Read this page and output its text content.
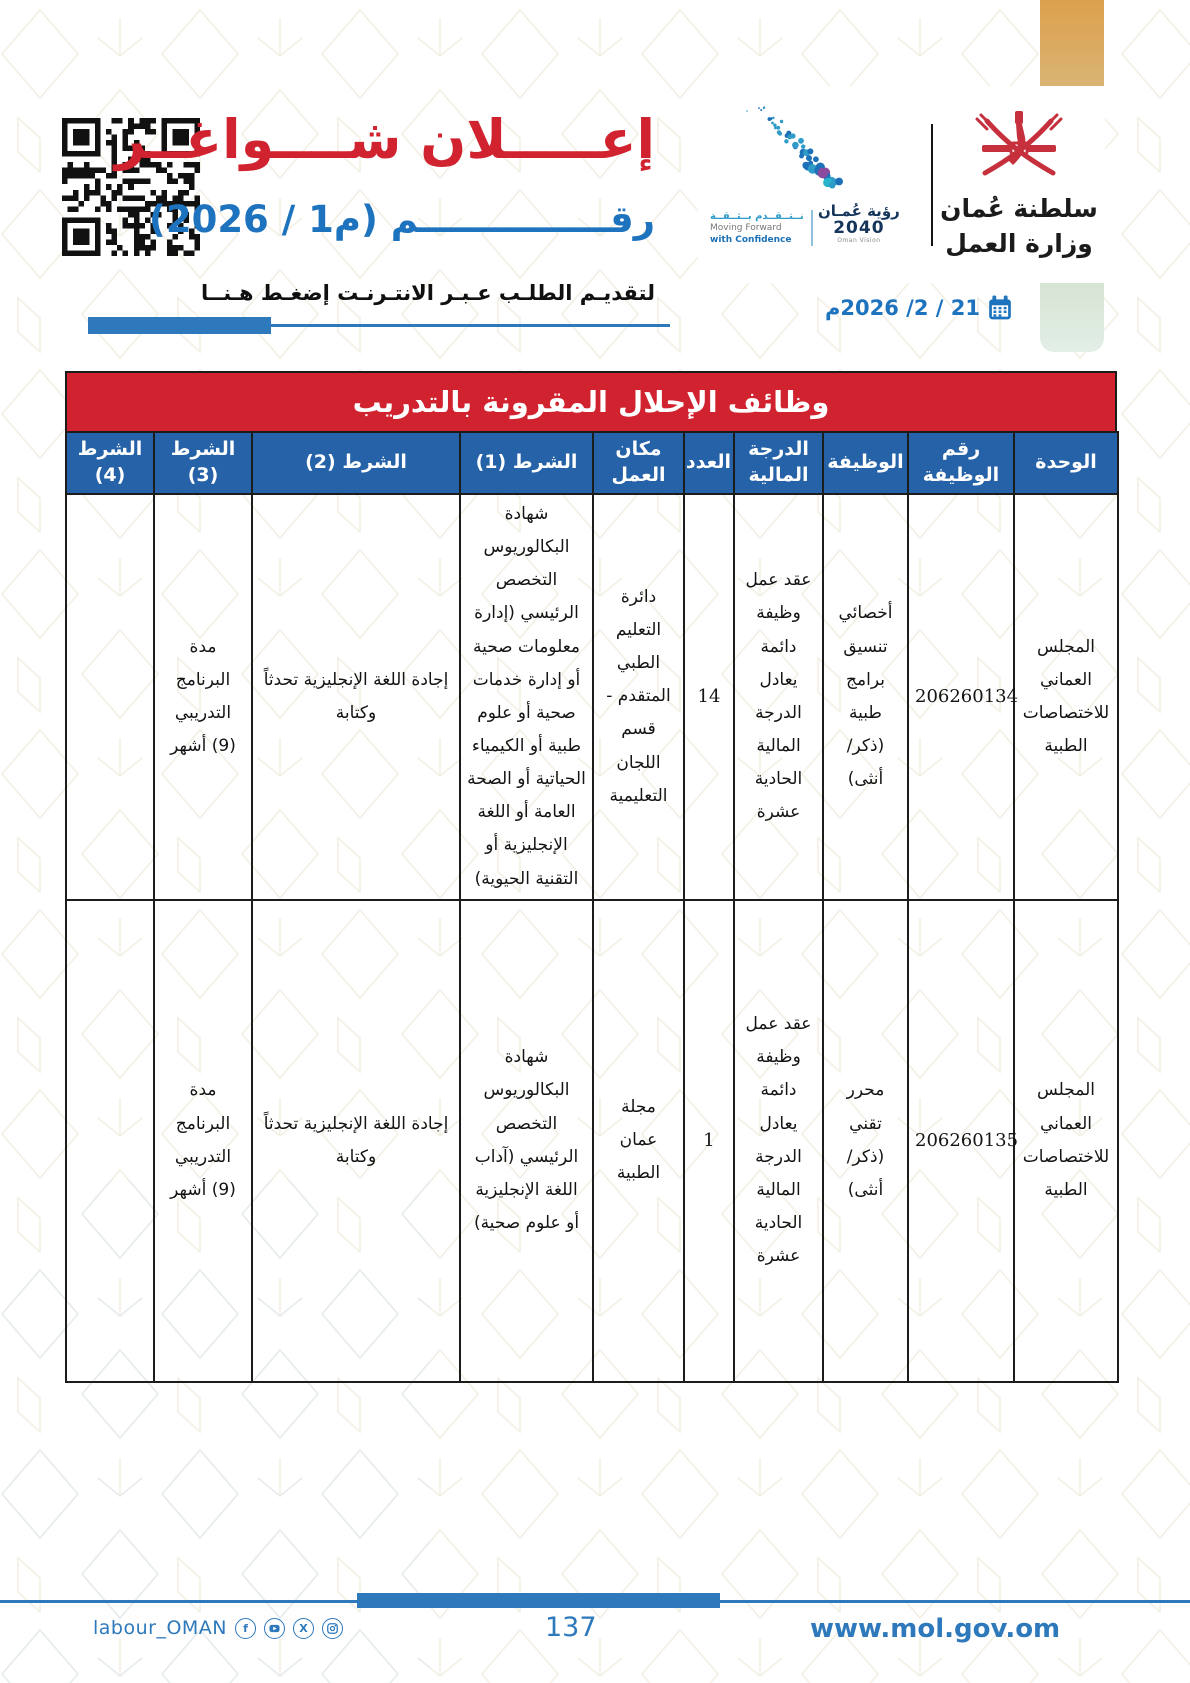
إعـــــلان شــــواغــر
رقـــــــــــــــم (م1 / 2026)
لتقديـم الطلـب عـبـر الانتـرنـت إضغـط هـنــا
رؤية عُمـان
2040
Oman Vision
نــتــقــدم بــثــقــة
Moving Forward
with Confidence
سلطنة عُمان
وزارة العمل
21 / 2/ 2026م
وظائف الإحلال المقرونة بالتدريب
الوحدة	رقم الوظيفة	الوظيفة	الدرجة المالية	العدد	مكان العمل	الشرط (1)	الشرط (2)	الشرط (3)	الشرط (4)
المجلس العماني للاختصاصات الطبية	206260134	أخصائي تنسيق برامج طبية (ذكر/أنثى)	عقد عمل وظيفة دائمة يعادل الدرجة المالية الحادية عشرة	14	دائرة التعليم الطبي المتقدم - قسم اللجان التعليمية	شهادة البكالوريوس التخصص الرئيسي (إدارة معلومات صحية أو إدارة خدمات صحية أو علوم طبية أو الكيمياء الحياتية أو الصحة العامة أو اللغة الإنجليزية أو التقنية الحيوية)	إجادة اللغة الإنجليزية تحدثاً وكتابة	مدة البرنامج التدريبي (9) أشهر	
المجلس العماني للاختصاصات الطبية	206260135	محرر تقني (ذكر/أنثى)	عقد عمل وظيفة دائمة يعادل الدرجة المالية الحادية عشرة	1	مجلة عمان الطبية	شهادة البكالوريوس التخصص الرئيسي (آداب اللغة الإنجليزية أو علوم صحية)	إجادة اللغة الإنجليزية تحدثاً وكتابة	مدة البرنامج التدريبي (9) أشهر	
137	www.mol.gov.om
labour_OMAN	f	X
